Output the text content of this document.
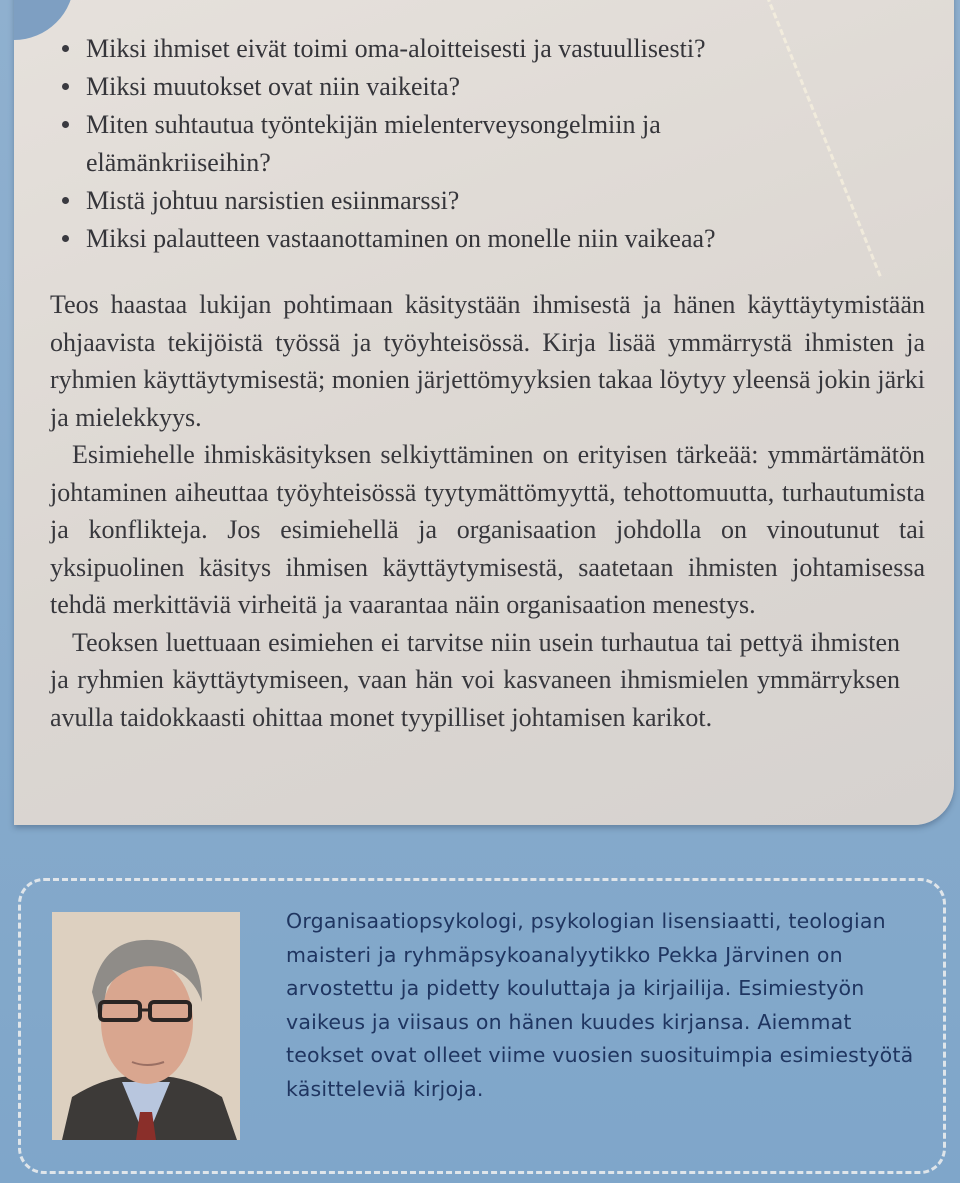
Miksi ihmiset eivät toimi oma-aloitteisesti ja vastuullisesti?
Miksi muutokset ovat niin vaikeita?
Miten suhtautua työntekijän mielenterveysongelmiin ja elämänkriiseihin?
Mistä johtuu narsistien esiinmarssi?
Miksi palautteen vastaanottaminen on monelle niin vaikeaa?

Teos haastaa lukijan pohtimaan käsitystään ihmisestä ja hänen käyttäytymistään ohjaavista tekijöistä työssä ja työyhteisössä. Kirja lisää ymmärrystä ihmisten ja ryhmien käyttäytymisestä; monien järjettömyyksien takaa löytyy yleensä jokin järki ja mielekkyys.

Esimiehelle ihmiskäsityksen selkiyttäminen on erityisen tärkeää: ymmärtämätön johtaminen aiheuttaa työyhteisössä tyytymättömyyttä, tehottomuutta, turhautumista ja konflikteja. Jos esimiehellä ja organisaation johdolla on vinoutunut tai yksipuolinen käsitys ihmisen käyttäytymisestä, saatetaan ihmisten johtamisessa tehdä merkittäviä virheitä ja vaarantaa näin organisaation menestys.

Teoksen luettuaan esimiehen ei tarvitse niin usein turhautua tai pettyä ihmisten ja ryhmien käyttäytymiseen, vaan hän voi kasvaneen ihmismielen ymmärryksen avulla taidokkaasti ohittaa monet tyypilliset johtamisen karikot.

Organisaatiopsykologi, psykologian lisensiaatti, teologian maisteri ja ryhmäpsykoanalyytikko Pekka Järvinen on arvostettu ja pidetty kouluttaja ja kirjailija. Esimiestyön vaikeus ja viisaus on hänen kuudes kirjansa. Aiemmat teokset ovat olleet viime vuosien suosituimpia esimiestyötä käsitteleviä kirjoja.
